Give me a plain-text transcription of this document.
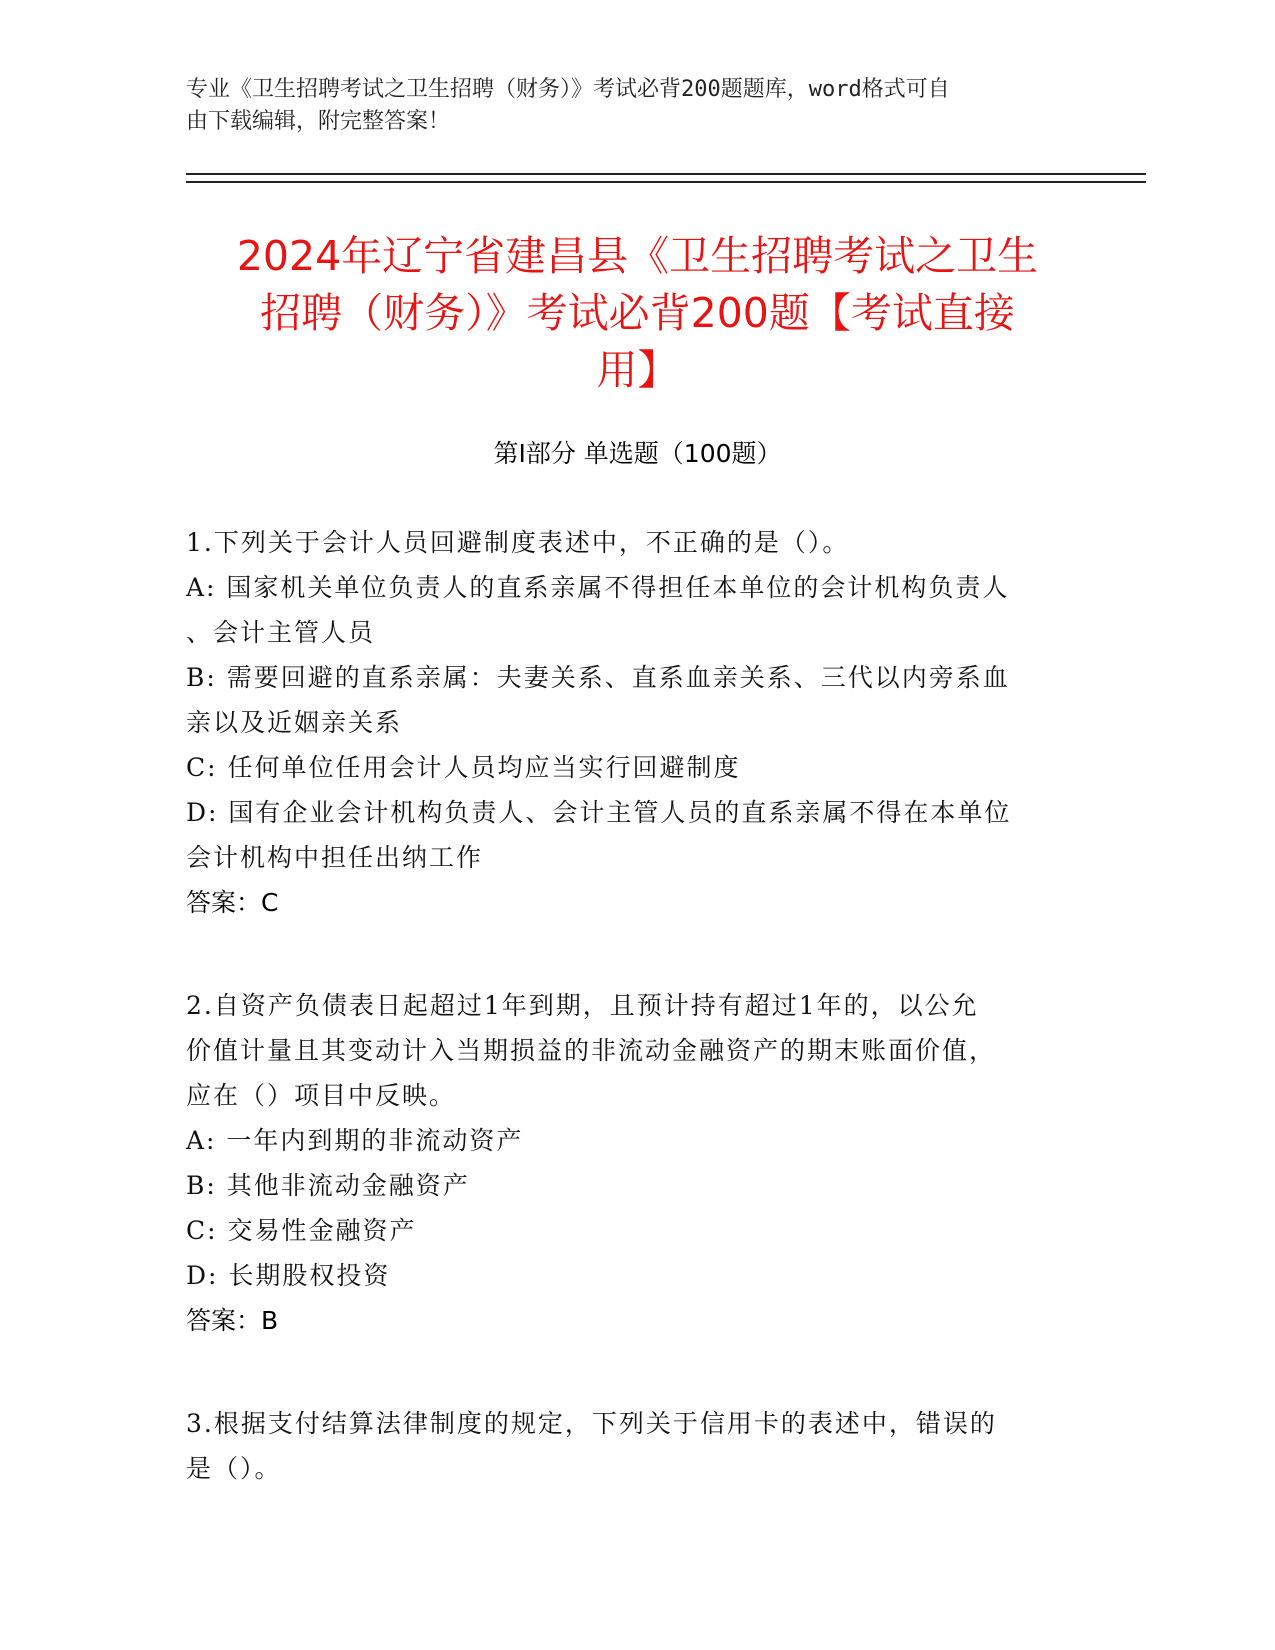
专业《卫生招聘考试之卫生招聘（财务）》考试必背200题题库，word格式可自
由下载编辑，附完整答案！
2024年辽宁省建昌县《卫生招聘考试之卫生
招聘（财务）》考试必背200题【考试直接
用】
第Ⅰ部分 单选题（100题）
1.下列关于会计人员回避制度表述中，不正确的是（）。
A: 国家机关单位负责人的直系亲属不得担任本单位的会计机构负责人
、会计主管人员
B: 需要回避的直系亲属：夫妻关系、直系血亲关系、三代以内旁系血
亲以及近姻亲关系
C: 任何单位任用会计人员均应当实行回避制度
D: 国有企业会计机构负责人、会计主管人员的直系亲属不得在本单位
会计机构中担任出纳工作
答案：C
2.自资产负债表日起超过1年到期，且预计持有超过1年的，以公允
价值计量且其变动计入当期损益的非流动金融资产的期末账面价值，
应在（）项目中反映。
A: 一年内到期的非流动资产
B: 其他非流动金融资产
C: 交易性金融资产
D: 长期股权投资
答案：B
3.根据支付结算法律制度的规定，下列关于信用卡的表述中，错误的
是（）。
